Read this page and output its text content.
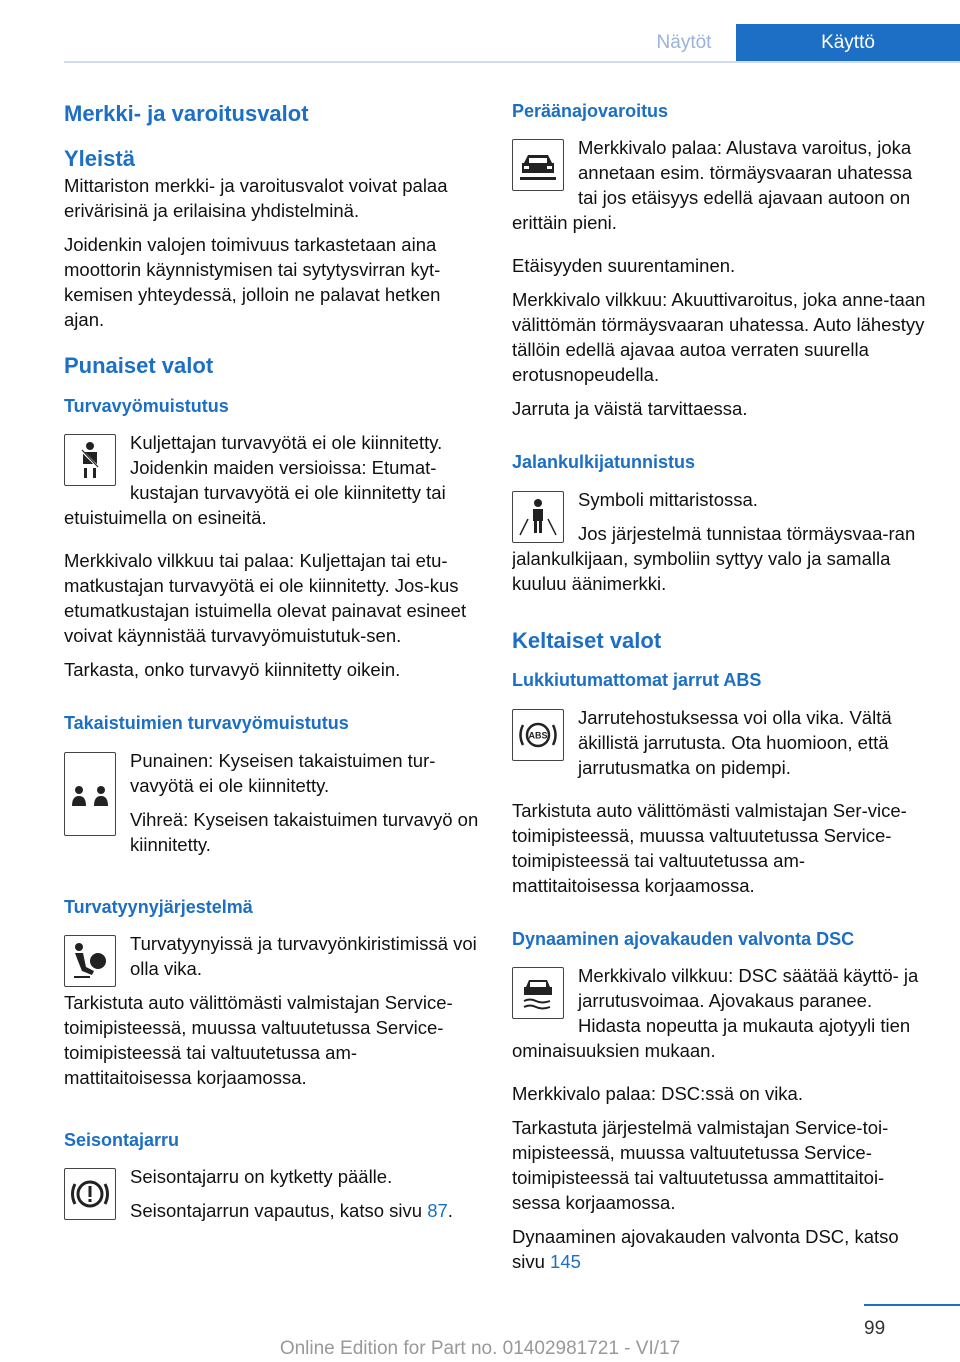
Näytöt	Käyttö
Merkki- ja varoitusvalot
Yleistä

Mittariston merkki- ja varoitusvalot voivat palaa erivärisinä ja erilaisina yhdistelminä.

Joidenkin valojen toimivuus tarkastetaan aina moottorin käynnistymisen tai sytytysvirran kyt-kemisen yhteydessä, jolloin ne palavat hetken ajan.

Punaiset valot
Turvavyömuistutus

Kuljettajan turvavyötä ei ole kiinnitetty. Joidenkin maiden versioissa: Etumat-kustajan turvavyötä ei ole kiinnitetty tai etuistuimella on esineitä.

Merkkivalo vilkkuu tai palaa: Kuljettajan tai etu-matkustajan turvavyötä ei ole kiinnitetty. Jos-kus etumatkustajan istuimella olevat painavat esineet voivat käynnistää turvavyömuistutuk-sen.

Tarkasta, onko turvavyö kiinnitetty oikein.

Takaistuimien turvavyömuistutus

Punainen: Kyseisen takaistuimen tur-vavyötä ei ole kiinnitetty.

Vihreä: Kyseisen takaistuimen turvavyö on kiinnitetty.

Turvatyynyjärjestelmä

Turvatyynyissä ja turvavyönkiristimissä voi olla vika.

Tarkistuta auto välittömästi valmistajan Service-toimipisteessä, muussa valtuutetussa Service-toimipisteessä tai valtuutetussa am-mattitaitoisessa korjaamossa.

Seisontajarru

Seisontajarru on kytketty päälle.

Seisontajarrun vapautus, katso sivu 87.

Peräänajovaroitus

Merkkivalo palaa: Alustava varoitus, joka annetaan esim. törmäysvaaran uhatessa tai jos etäisyys edellä ajavaan autoon on erittäin pieni.

Etäisyyden suurentaminen.

Merkkivalo vilkkuu: Akuuttivaroitus, joka anne-taan välittömän törmäysvaaran uhatessa. Auto lähestyy tällöin edellä ajavaa autoa verraten suurella erotusnopeudella.

Jarruta ja väistä tarvittaessa.

Jalankulkijatunnistus

Symboli mittaristossa.

Jos järjestelmä tunnistaa törmäysvaa-ran jalankulkijaan, symboliin syttyy valo ja samalla kuuluu äänimerkki.

Keltaiset valot
Lukkiutumattomat jarrut ABS
ABS

Jarrutehostuksessa voi olla vika. Vältä äkillistä jarrutusta. Ota huomioon, että jarrutusmatka on pidempi.

Tarkistuta auto välittömästi valmistajan Ser-vice-toimipisteessä, muussa valtuutetussa Service-toimipisteessä tai valtuutetussa am-mattitaitoisessa korjaamossa.

Dynaaminen ajovakauden valvonta DSC

Merkkivalo vilkkuu: DSC säätää käyttö- ja jarrutusvoimaa. Ajovakaus paranee. Hidasta nopeutta ja mukauta ajotyyli tien ominaisuuksien mukaan.

Merkkivalo palaa: DSC:ssä on vika.

Tarkastuta järjestelmä valmistajan Service-toi-mipisteessä, muussa valtuutetussa Service-toimipisteessä tai valtuutetussa ammattitaitoi-sessa korjaamossa.

Dynaaminen ajovakauden valvonta DSC, katso sivu 145

99
Online Edition for Part no. 01402981721 - VI/17
